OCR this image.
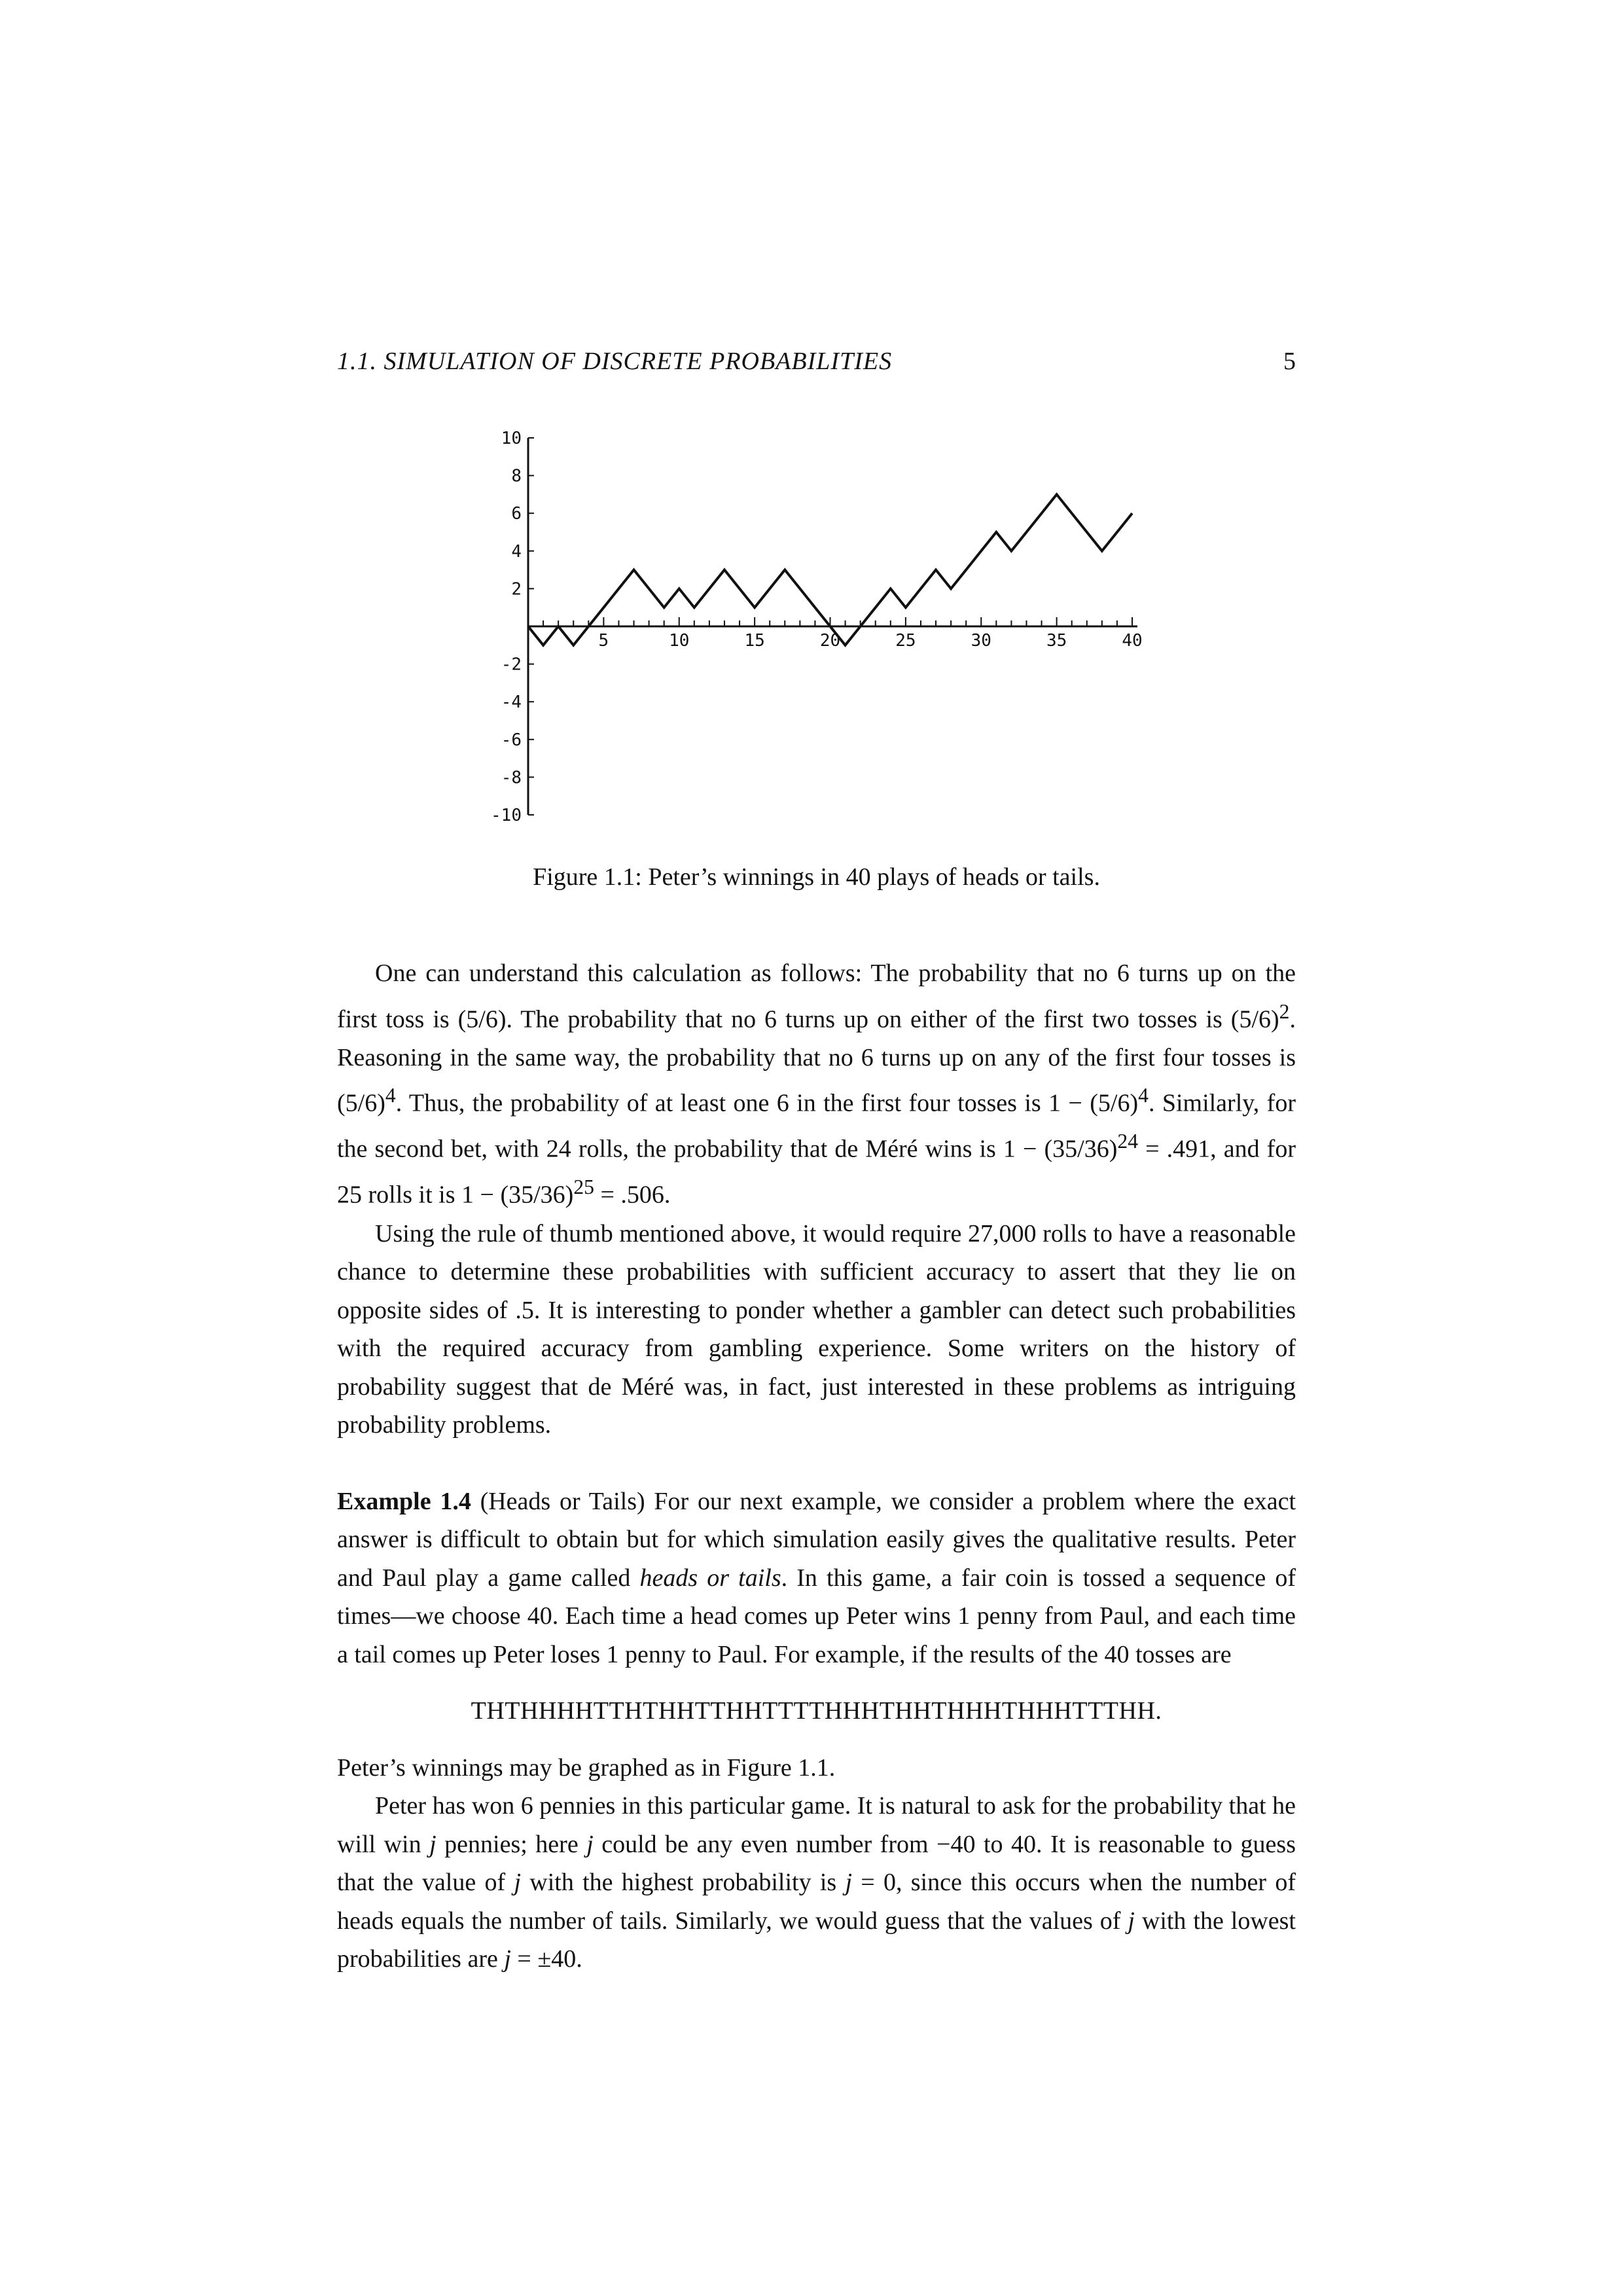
1.1. SIMULATION OF DISCRETE PROBABILITIES	5
5	10	15	20	25	30	35	40
10
8
6
4
2
-2
-4
-6
-8
-10
Figure 1.1: Peter’s winnings in 40 plays of heads or tails.

One can understand this calculation as follows: The probability that no 6 turns up on the first toss is (5/6). The probability that no 6 turns up on either of the first two tosses is $(5/6)^2$. Reasoning in the same way, the probability that no 6 turns up on any of the first four tosses is $(5/6)^4$. Thus, the probability of at least one 6 in the first four tosses is $1 - (5/6)^4$. Similarly, for the second bet, with 24 rolls, the probability that de Méré wins is $1 - (35/36)^{24} = .491$, and for 25 rolls it is $1 - (35/36)^{25} = .506$.

Using the rule of thumb mentioned above, it would require 27,000 rolls to have a reasonable chance to determine these probabilities with sufficient accuracy to assert that they lie on opposite sides of .5. It is interesting to ponder whether a gambler can detect such probabilities with the required accuracy from gambling experience. Some writers on the history of probability suggest that de Méré was, in fact, just interested in these problems as intriguing probability problems.

Example 1.4 (Heads or Tails) For our next example, we consider a problem where the exact answer is difficult to obtain but for which simulation easily gives the qualitative results. Peter and Paul play a game called heads or tails. In this game, a fair coin is tossed a sequence of times—we choose 40. Each time a head comes up Peter wins 1 penny from Paul, and each time a tail comes up Peter loses 1 penny to Paul. For example, if the results of the 40 tosses are

THTHHHHTTHTHHTTHHTTTTHHHTHHTHHHTHHHTTTHH.

Peter’s winnings may be graphed as in Figure 1.1.

Peter has won 6 pennies in this particular game. It is natural to ask for the probability that he will win j pennies; here j could be any even number from −40 to 40. It is reasonable to guess that the value of j with the highest probability is j = 0, since this occurs when the number of heads equals the number of tails. Similarly, we would guess that the values of j with the lowest probabilities are j = ±40.
